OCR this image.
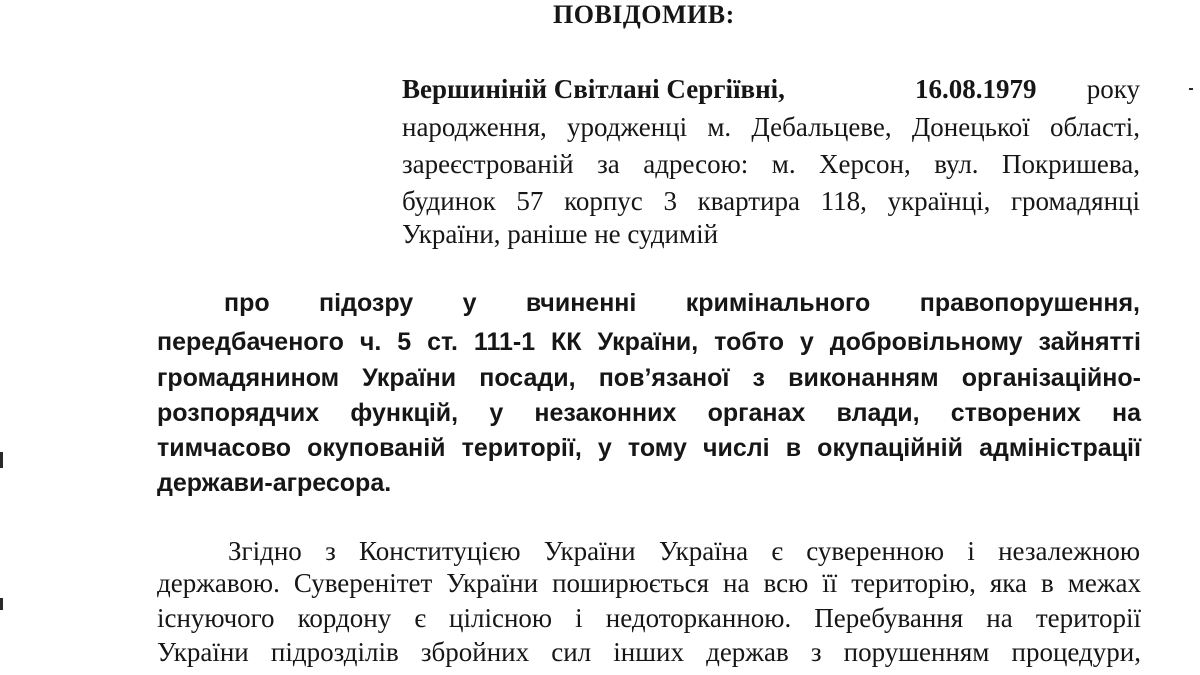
ПОВІДОМИВ:
Вершиніній Світлані Сергіївні,	16.08.1979 року
народження, уродженці м. Дебальцеве, Донецької області,
зареєстрованій за адресою: м. Херсон, вул. Покришева,
будинок 57 корпус 3 квартира 118, українці, громадянці
України, раніше не судимій
про підозру у вчиненні кримінального правопорушення,
передбаченого ч. 5 ст. 111-1 КК України, тобто у добровільному зайнятті
громадянином України посади, пов’язаної з виконанням організаційно-
розпорядчих функцій, у незаконних органах влади, створених на
тимчасово окупованій території, у тому числі в окупаційній адміністрації
держави-агресора.
Згідно з Конституцією України Україна є суверенною і незалежною
державою. Суверенітет України поширюється на всю її територію, яка в межах
існуючого кордону є цілісною і недоторканною. Перебування на території
України підрозділів збройних сил інших держав з порушенням процедури,
